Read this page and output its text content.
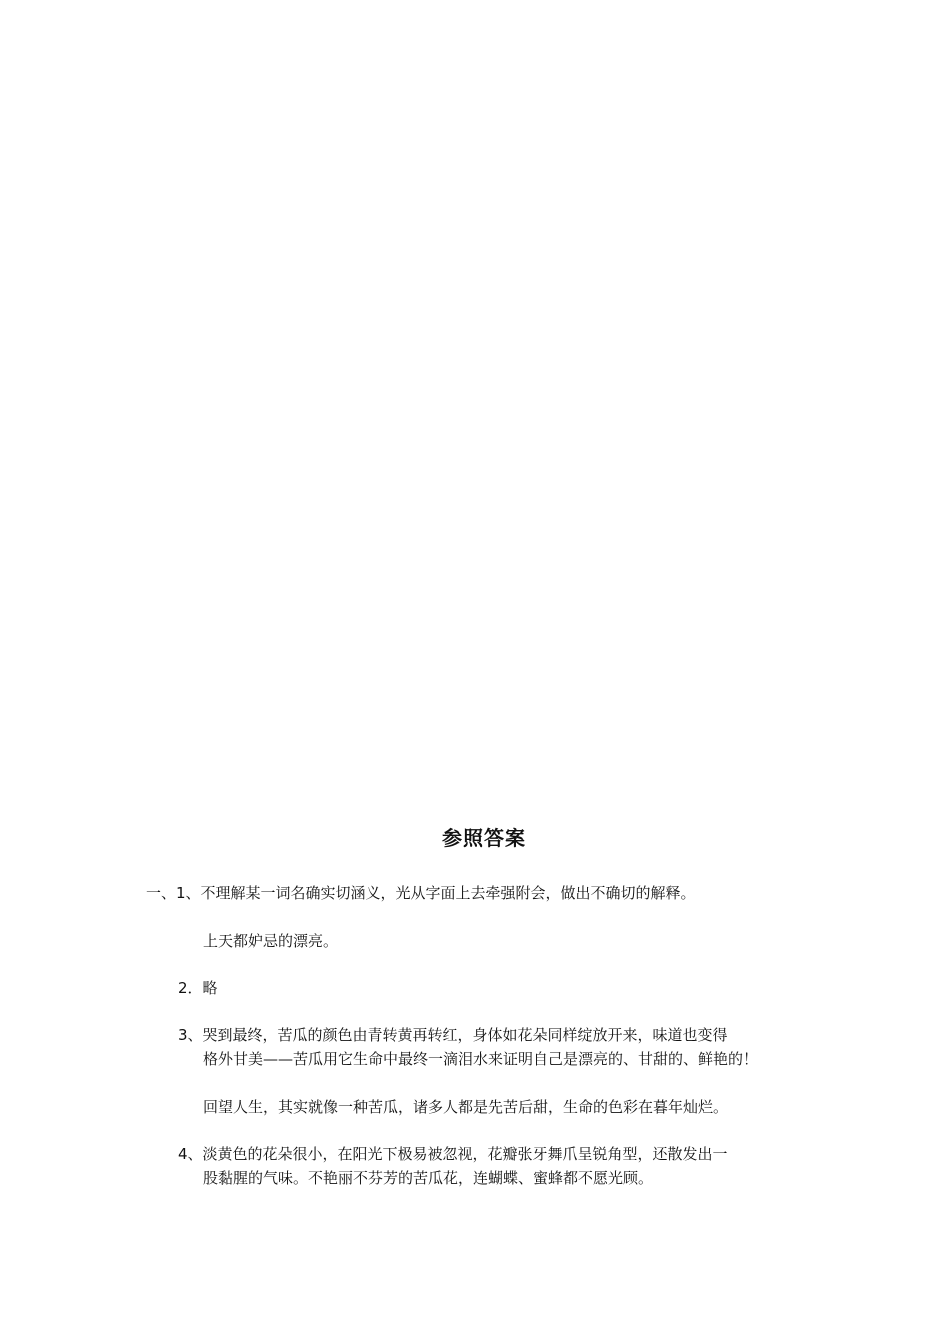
参照答案
一、1、不理解某一词名确实切涵义，光从字面上去牵强附会，做出不确切的解释。
上天都妒忌的漂亮。
2．略
3、哭到最终，苦瓜的颜色由青转黄再转红，身体如花朵同样绽放开来，味道也变得
格外甘美——苦瓜用它生命中最终一滴泪水来证明自己是漂亮的、甘甜的、鲜艳的！
回望人生，其实就像一种苦瓜，诸多人都是先苦后甜，生命的色彩在暮年灿烂。
4、淡黄色的花朵很小，在阳光下极易被忽视，花瓣张牙舞爪呈锐角型，还散发出一
股黏腥的气味。不艳丽不芬芳的苦瓜花，连蝴蝶、蜜蜂都不愿光顾。
